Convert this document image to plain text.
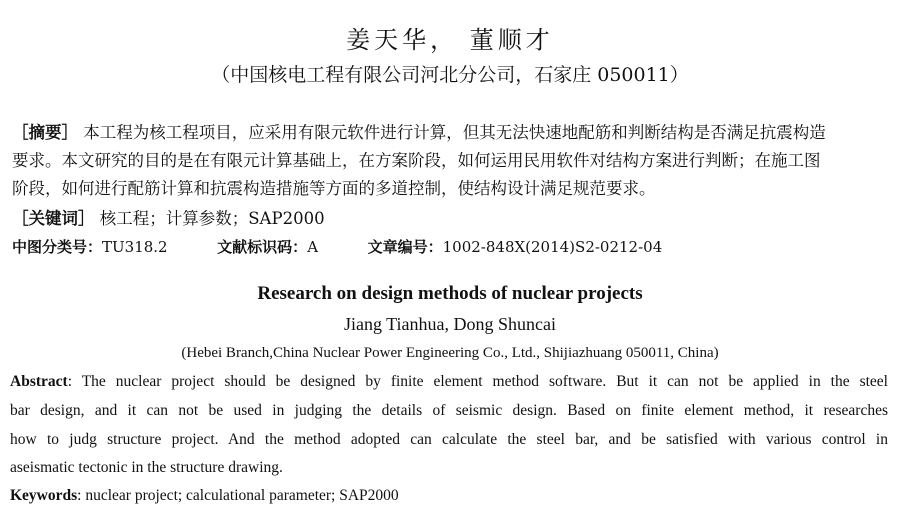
姜天华， 董顺才
（中国核电工程有限公司河北分公司，石家庄 050011）
［摘要］ 本工程为核工程项目，应采用有限元软件进行计算，但其无法快速地配筋和判断结构是否满足抗震构造
要求。本文研究的目的是在有限元计算基础上，在方案阶段，如何运用民用软件对结构方案进行判断；在施工图
阶段，如何进行配筋计算和抗震构造措施等方面的多道控制，使结构设计满足规范要求。
［关键词］ 核工程；计算参数；SAP2000
中图分类号：TU318.2	文献标识码：A	文章编号：1002-848X(2014)S2-0212-04
Research on design methods of nuclear projects
Jiang Tianhua, Dong Shuncai
(Hebei Branch,China Nuclear Power Engineering Co., Ltd., Shijiazhuang 050011, China)
Abstract: The nuclear project should be designed by finite element method software. But it can not be applied in the steel
bar design, and it can not be used in judging the details of seismic design. Based on finite element method, it researches
how to judg structure project. And the method adopted can calculate the steel bar, and be satisfied with various control in
aseismatic tectonic in the structure drawing.
Keywords: nuclear project; calculational parameter; SAP2000
